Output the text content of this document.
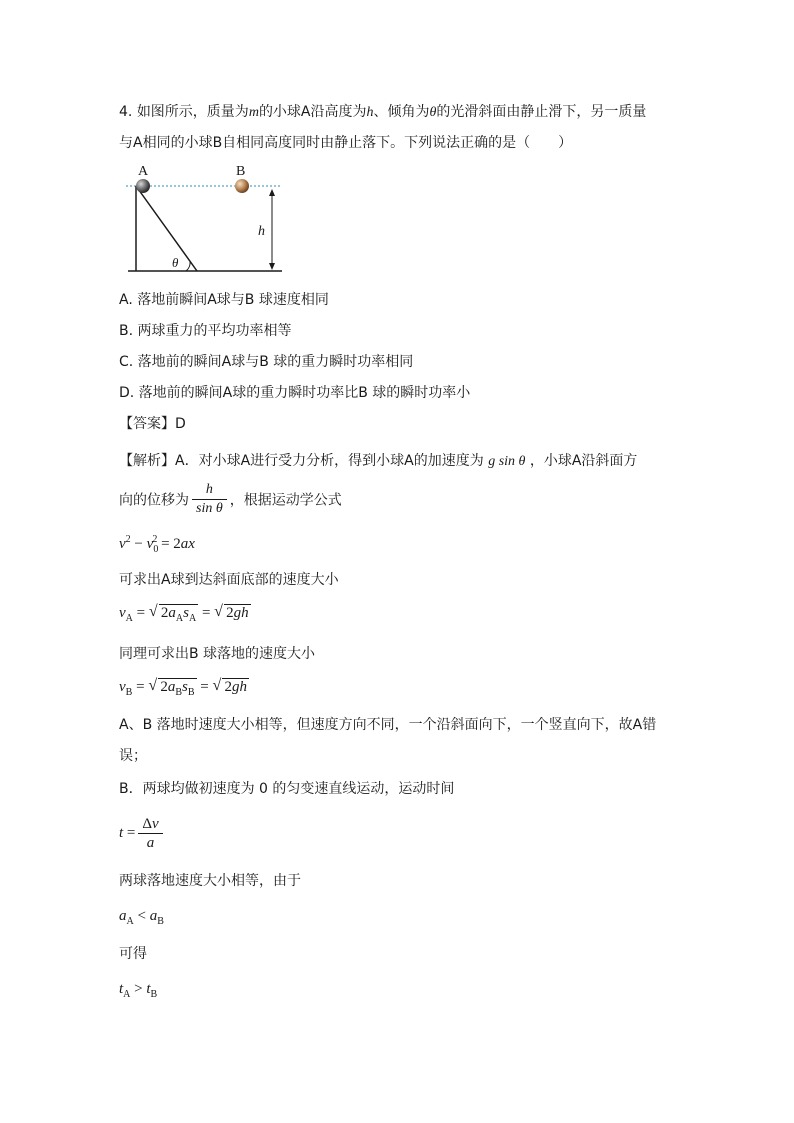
4. 如图所示，质量为m的小球A沿高度为h、倾角为θ的光滑斜面由静止滑下，另一质量
与A相同的小球B自相同高度同时由静止落下。下列说法正确的是（　　）
A	B
h
θ
A. 落地前瞬间A球与B 球速度相同
B. 两球重力的平均功率相等
C. 落地前的瞬间A球与B 球的重力瞬时功率相同
D. 落地前的瞬间A球的重力瞬时功率比B 球的瞬时功率小
【答案】D
【解析】A．对小球A进行受力分析，得到小球A的加速度为 g sin θ ，小球A沿斜面方
向的位移为 $\frac{h}{\text{sin θ}}$ ，根据运动学公式
$v^2 - v_0^2 = 2ax$
可求出A球到达斜面底部的速度大小
$v_A$ = √ $2a_As_A$ = √ 2gh
同理可求出B 球落地的速度大小
$v_B$ = √ $2a_Bs_B$ = √ 2gh
A、B 落地时速度大小相等，但速度方向不同，一个沿斜面向下，一个竖直向下，故A错
误；
B．两球均做初速度为 0 的匀变速直线运动，运动时间
$t = \frac{\Delta v}{a}$
两球落地速度大小相等，由于
$a_A < a_B$
可得
$t_A > t_B$
